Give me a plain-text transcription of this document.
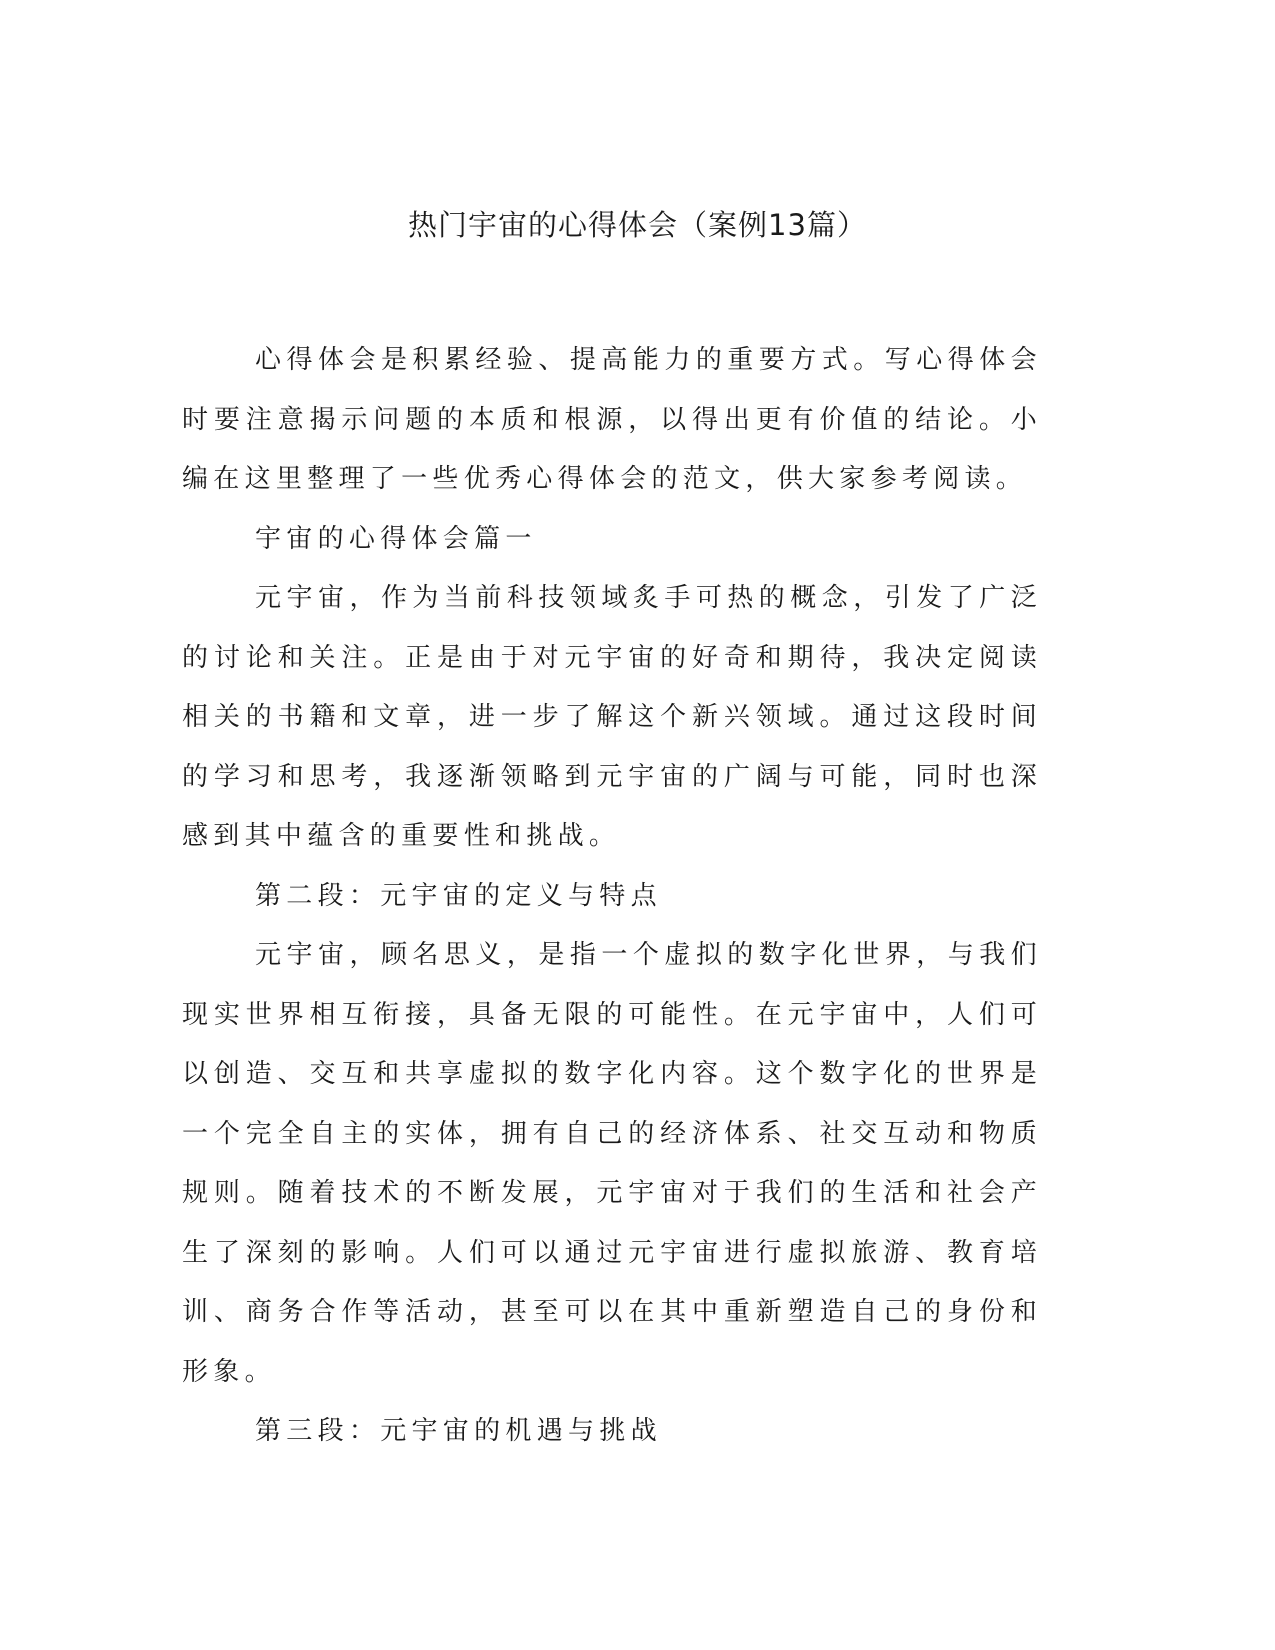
热门宇宙的心得体会（案例13篇）

心得体会是积累经验、提高能力的重要方式。写心得体会时要注意揭示问题的本质和根源，以得出更有价值的结论。小编在这里整理了一些优秀心得体会的范文，供大家参考阅读。

宇宙的心得体会篇一

元宇宙，作为当前科技领域炙手可热的概念，引发了广泛的讨论和关注。正是由于对元宇宙的好奇和期待，我决定阅读相关的书籍和文章，进一步了解这个新兴领域。通过这段时间的学习和思考，我逐渐领略到元宇宙的广阔与可能，同时也深感到其中蕴含的重要性和挑战。

第二段：元宇宙的定义与特点

元宇宙，顾名思义，是指一个虚拟的数字化世界，与我们现实世界相互衔接，具备无限的可能性。在元宇宙中，人们可以创造、交互和共享虚拟的数字化内容。这个数字化的世界是一个完全自主的实体，拥有自己的经济体系、社交互动和物质规则。随着技术的不断发展，元宇宙对于我们的生活和社会产生了深刻的影响。人们可以通过元宇宙进行虚拟旅游、教育培训、商务合作等活动，甚至可以在其中重新塑造自己的身份和形象。

第三段：元宇宙的机遇与挑战
